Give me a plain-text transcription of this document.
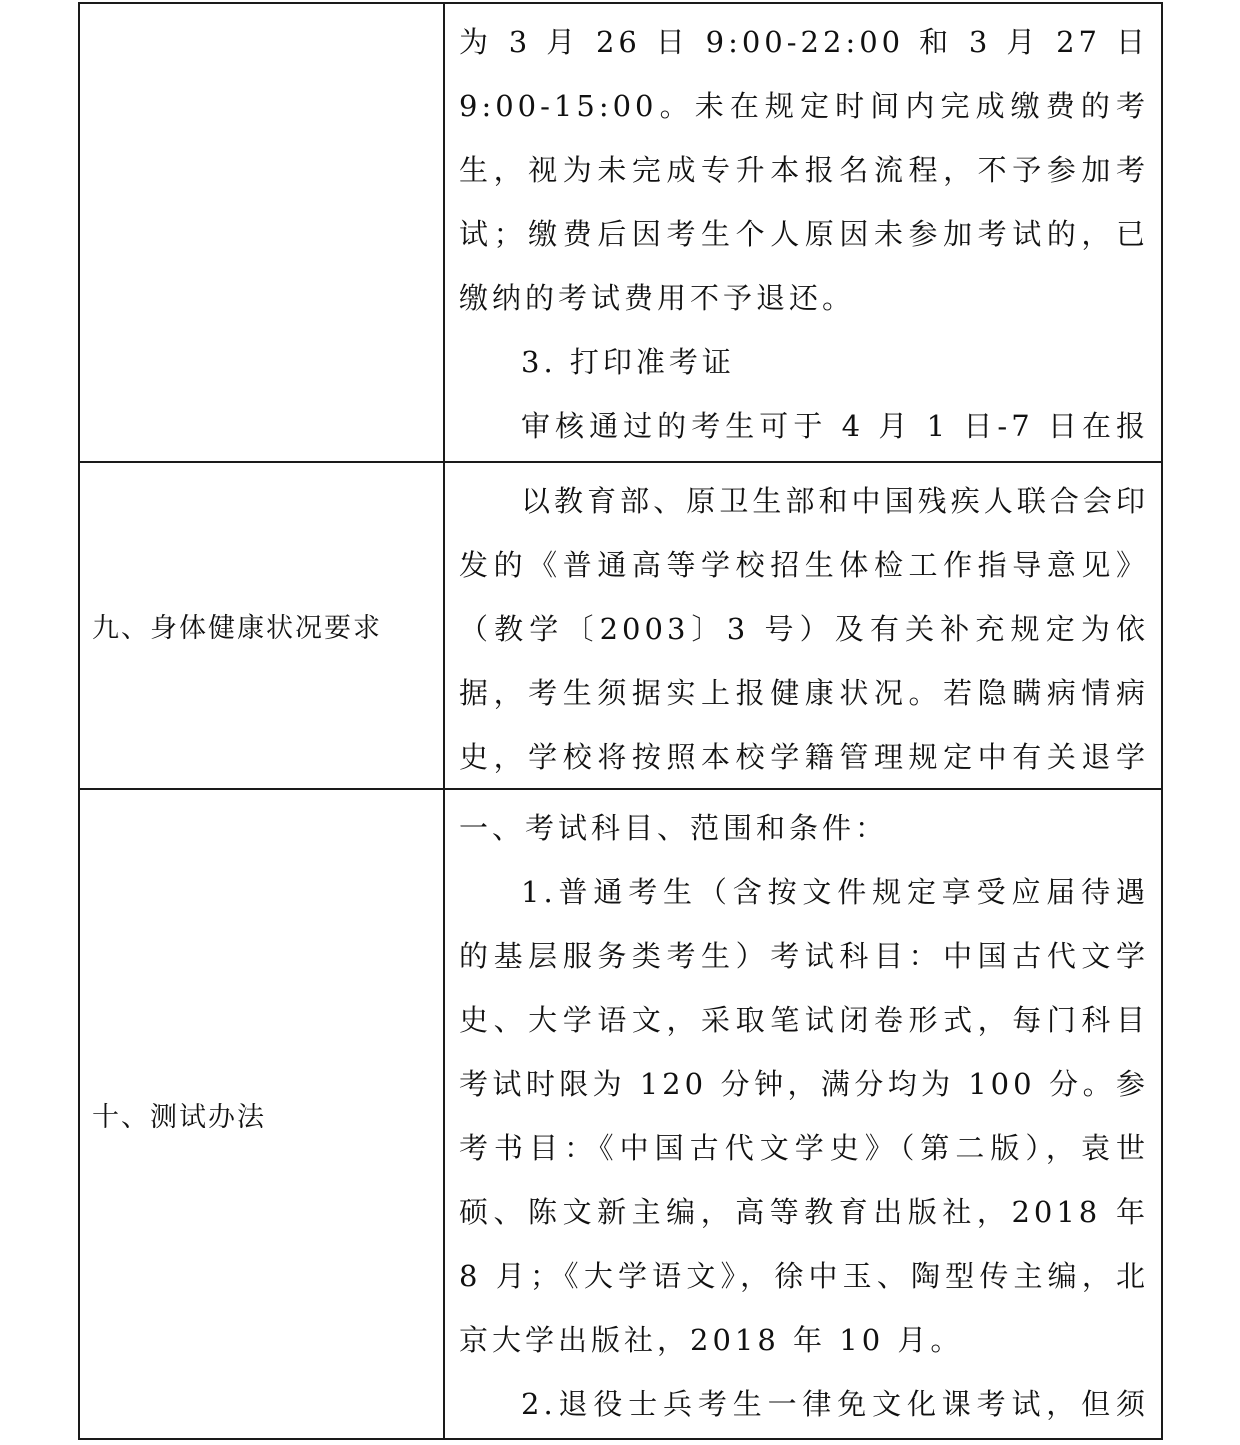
为 3 月 26 日 9:00-22:00 和 3 月 27 日 9:00-15:00。未在规定时间内完成缴费的考生，视为未完成专升本报名流程，不予参加考试；缴费后因考生个人原因未参加考试的，已缴纳的考试费用不予退还。

3. 打印准考证

审核通过的考生可于 4 月 1 日-7 日在报

九、身体健康状况要求

以教育部、原卫生部和中国残疾人联合会印发的《普通高等学校招生体检工作指导意见》（教学〔2003〕3 号）及有关补充规定为依据，考生须据实上报健康状况。若隐瞒病情病史，学校将按照本校学籍管理规定中有关退学

十、测试办法

一、考试科目、范围和条件：

1.普通考生（含按文件规定享受应届待遇的基层服务类考生）考试科目：中国古代文学史、大学语文，采取笔试闭卷形式，每门科目考试时限为 120 分钟，满分均为 100 分。参考书目：《中国古代文学史》（第二版），袁世硕、陈文新主编，高等教育出版社，2018 年 8 月；《大学语文》，徐中玉、陶型传主编，北京大学出版社，2018 年 10 月。

2.退役士兵考生一律免文化课考试，但须
